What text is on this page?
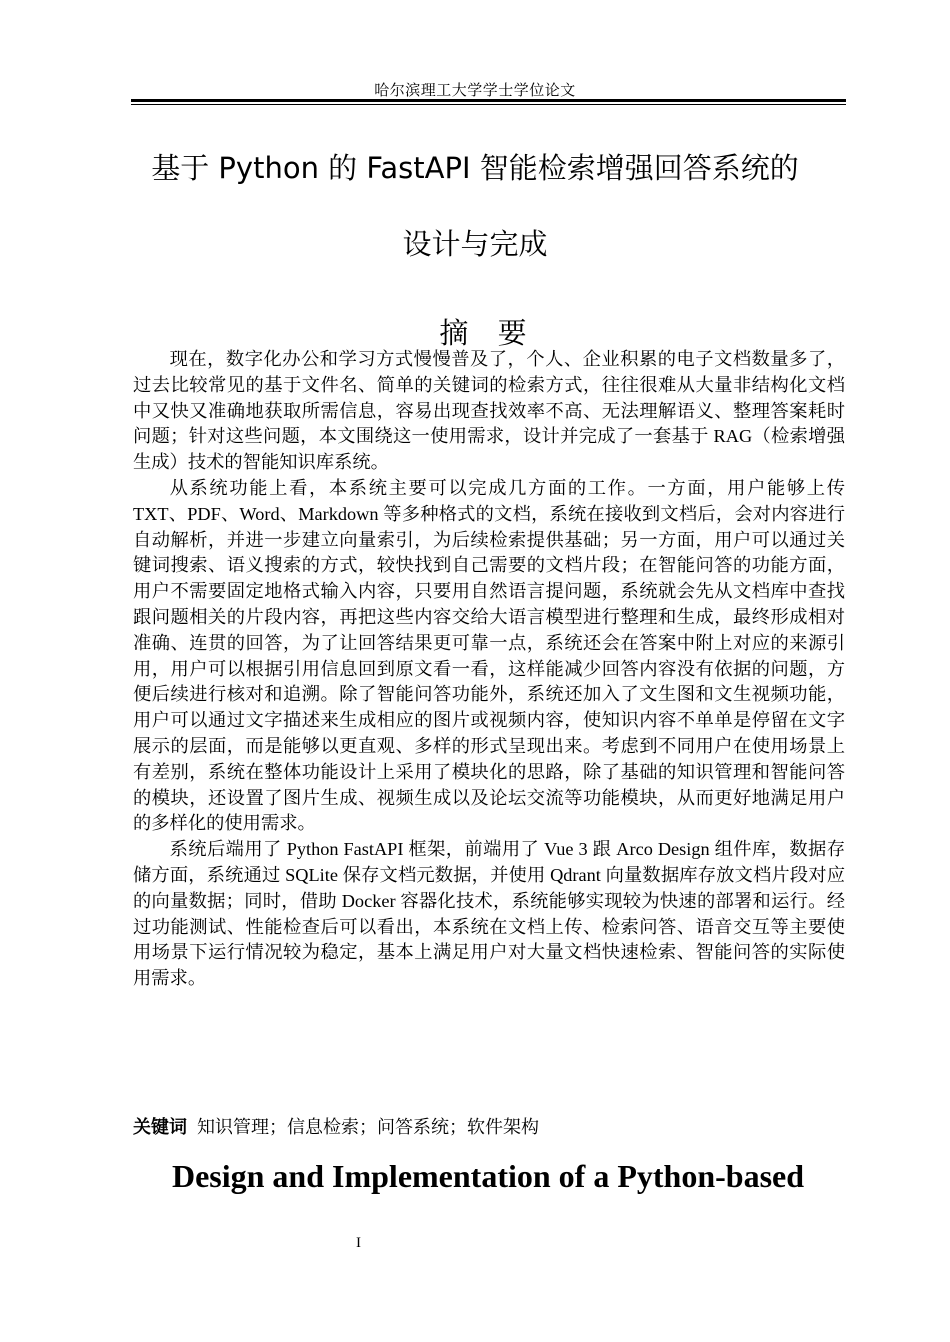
哈尔滨理工大学学士学位论文
基于 Python 的 FastAPI 智能检索增强回答系统的
设计与完成
摘 要

现在，数字化办公和学习方式慢慢普及了，个人、企业积累的电子文档数量多了，过去比较常见的基于文件名、简单的关键词的检索方式，往往很难从大量非结构化文档中又快又准确地获取所需信息，容易出现查找效率不高、无法理解语义、整理答案耗时问题；针对这些问题，本文围绕这一使用需求，设计并完成了一套基于 RAG（检索增强生成）技术的智能知识库系统。

从系统功能上看，本系统主要可以完成几方面的工作。一方面，用户能够上传 TXT、PDF、Word、Markdown 等多种格式的文档，系统在接收到文档后，会对内容进行自动解析，并进一步建立向量索引，为后续检索提供基础；另一方面，用户可以通过关键词搜索、语义搜索的方式，较快找到自己需要的文档片段；在智能问答的功能方面，用户不需要固定地格式输入内容，只要用自然语言提问题，系统就会先从文档库中查找跟问题相关的片段内容，再把这些内容交给大语言模型进行整理和生成，最终形成相对准确、连贯的回答，为了让回答结果更可靠一点，系统还会在答案中附上对应的来源引用，用户可以根据引用信息回到原文看一看，这样能减少回答内容没有依据的问题，方便后续进行核对和追溯。除了智能问答功能外，系统还加入了文生图和文生视频功能，用户可以通过文字描述来生成相应的图片或视频内容，使知识内容不单单是停留在文字展示的层面，而是能够以更直观、多样的形式呈现出来。考虑到不同用户在使用场景上有差别，系统在整体功能设计上采用了模块化的思路，除了基础的知识管理和智能问答的模块，还设置了图片生成、视频生成以及论坛交流等功能模块，从而更好地满足用户的多样化的使用需求。

系统后端用了 Python FastAPI 框架，前端用了 Vue 3 跟 Arco Design 组件库，数据存储方面，系统通过 SQLite 保存文档元数据，并使用 Qdrant 向量数据库存放文档片段对应的向量数据；同时，借助 Docker 容器化技术，系统能够实现较为快速的部署和运行。经过功能测试、性能检查后可以看出，本系统在文档上传、检索问答、语音交互等主要使用场景下运行情况较为稳定，基本上满足用户对大量文档快速检索、智能问答的实际使用需求。

关键词 知识管理；信息检索；问答系统；软件架构
Design and Implementation of a Python-based
I
